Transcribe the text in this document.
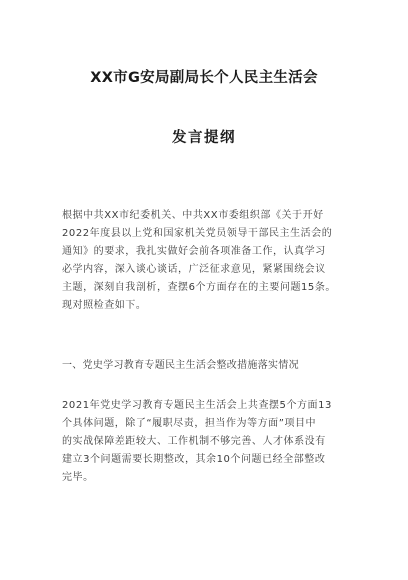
XX市G安局副局长个人民主生活会
发言提纲
根据中共XX市纪委机关、中共XX市委组织部《关于开好
2022年度县以上党和国家机关党员领导干部民主生活会的
通知》的要求，我扎实做好会前各项准备工作，认真学习
必学内容，深入谈心谈话，广泛征求意见，紧紧围绕会议
主题，深刻自我剖析，查摆6个方面存在的主要问题15条。
现对照检查如下。
一、党史学习教育专题民主生活会整改措施落实情况
2021年党史学习教育专题民主生活会上共查摆5个方面13
个具体问题，除了“履职尽责，担当作为等方面”项目中
的实战保障差距较大、工作机制不够完善、人才体系没有
建立3个问题需要长期整改，其余10个问题已经全部整改
完毕。
